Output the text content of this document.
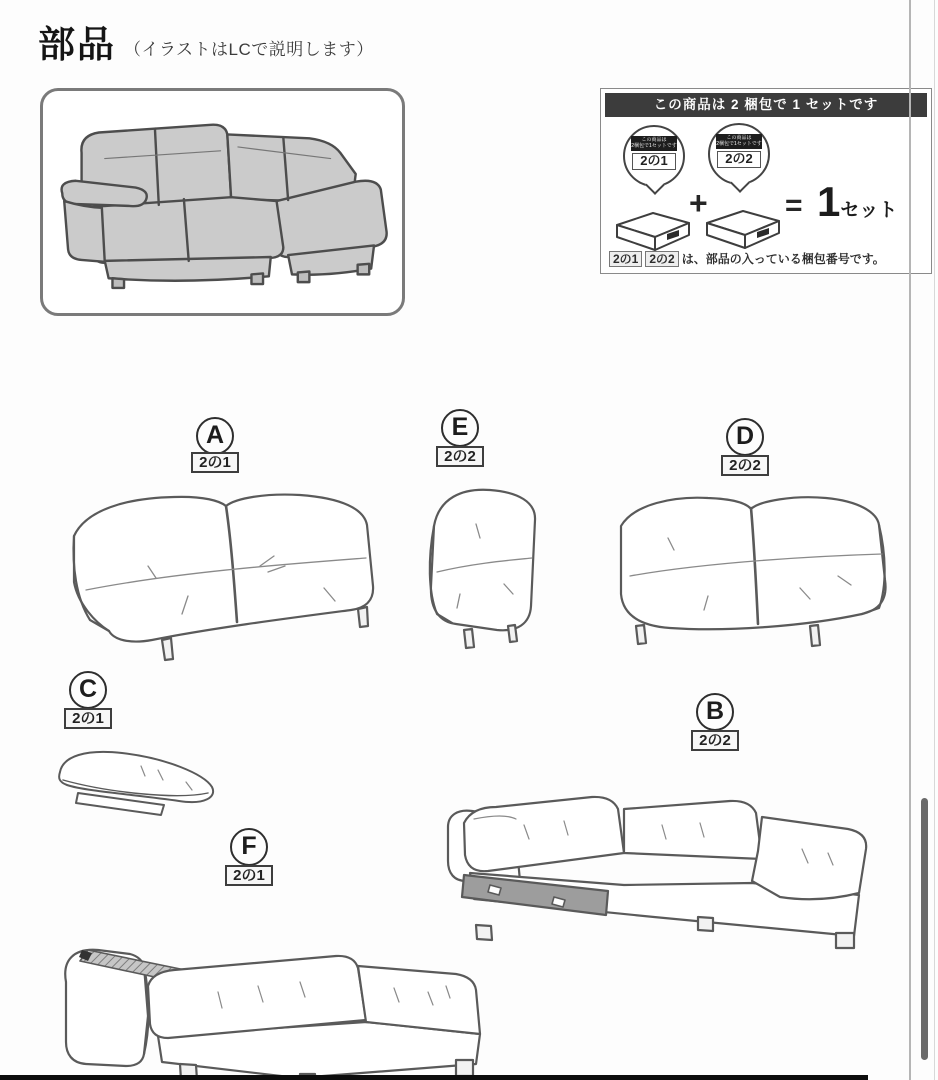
部品 （イラストはLCで説明します）
この商品は 2 梱包で 1 セットです
この商品は
2梱包で1セットです
2の1
この商品は
2梱包で1セットです
2の2
+	= 1 セット
2の1 2の2 は、部品の入っている梱包番号です。
A
2の1
E
2の2
D
2の2
C
2の1	B
2の2
F
2の1
